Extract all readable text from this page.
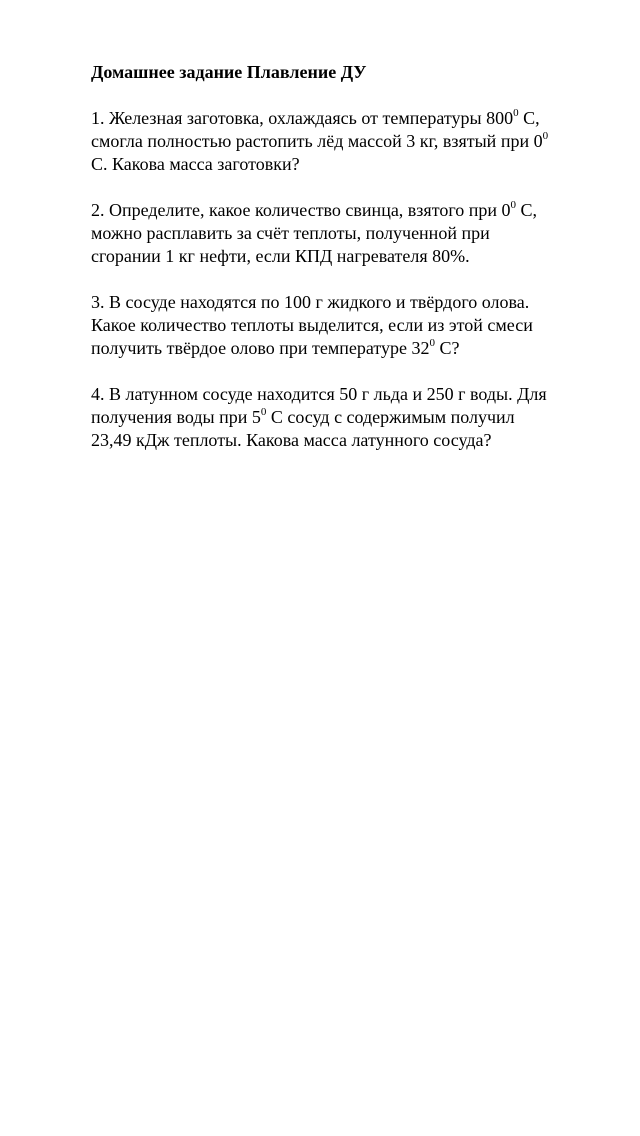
Домашнее задание Плавление ДУ
1. Железная заготовка, охлаждаясь от температуры $800^0$ С,
смогла полностью растопить лёд массой 3 кг, взятый при $0^0$
С. Какова масса заготовки?
2. Определите, какое количество свинца, взятого при $0^0$ С,
можно расплавить за счёт теплоты, полученной при
сгорании 1 кг нефти, если КПД нагревателя 80%.
3. В сосуде находятся по 100 г жидкого и твёрдого олова.
Какое количество теплоты выделится, если из этой смеси
получить твёрдое олово при температуре $32^0$ С?
4. В латунном сосуде находится 50 г льда и 250 г воды. Для
получения воды при $5^0$ С сосуд с содержимым получил
23,49 кДж теплоты. Какова масса латунного сосуда?
